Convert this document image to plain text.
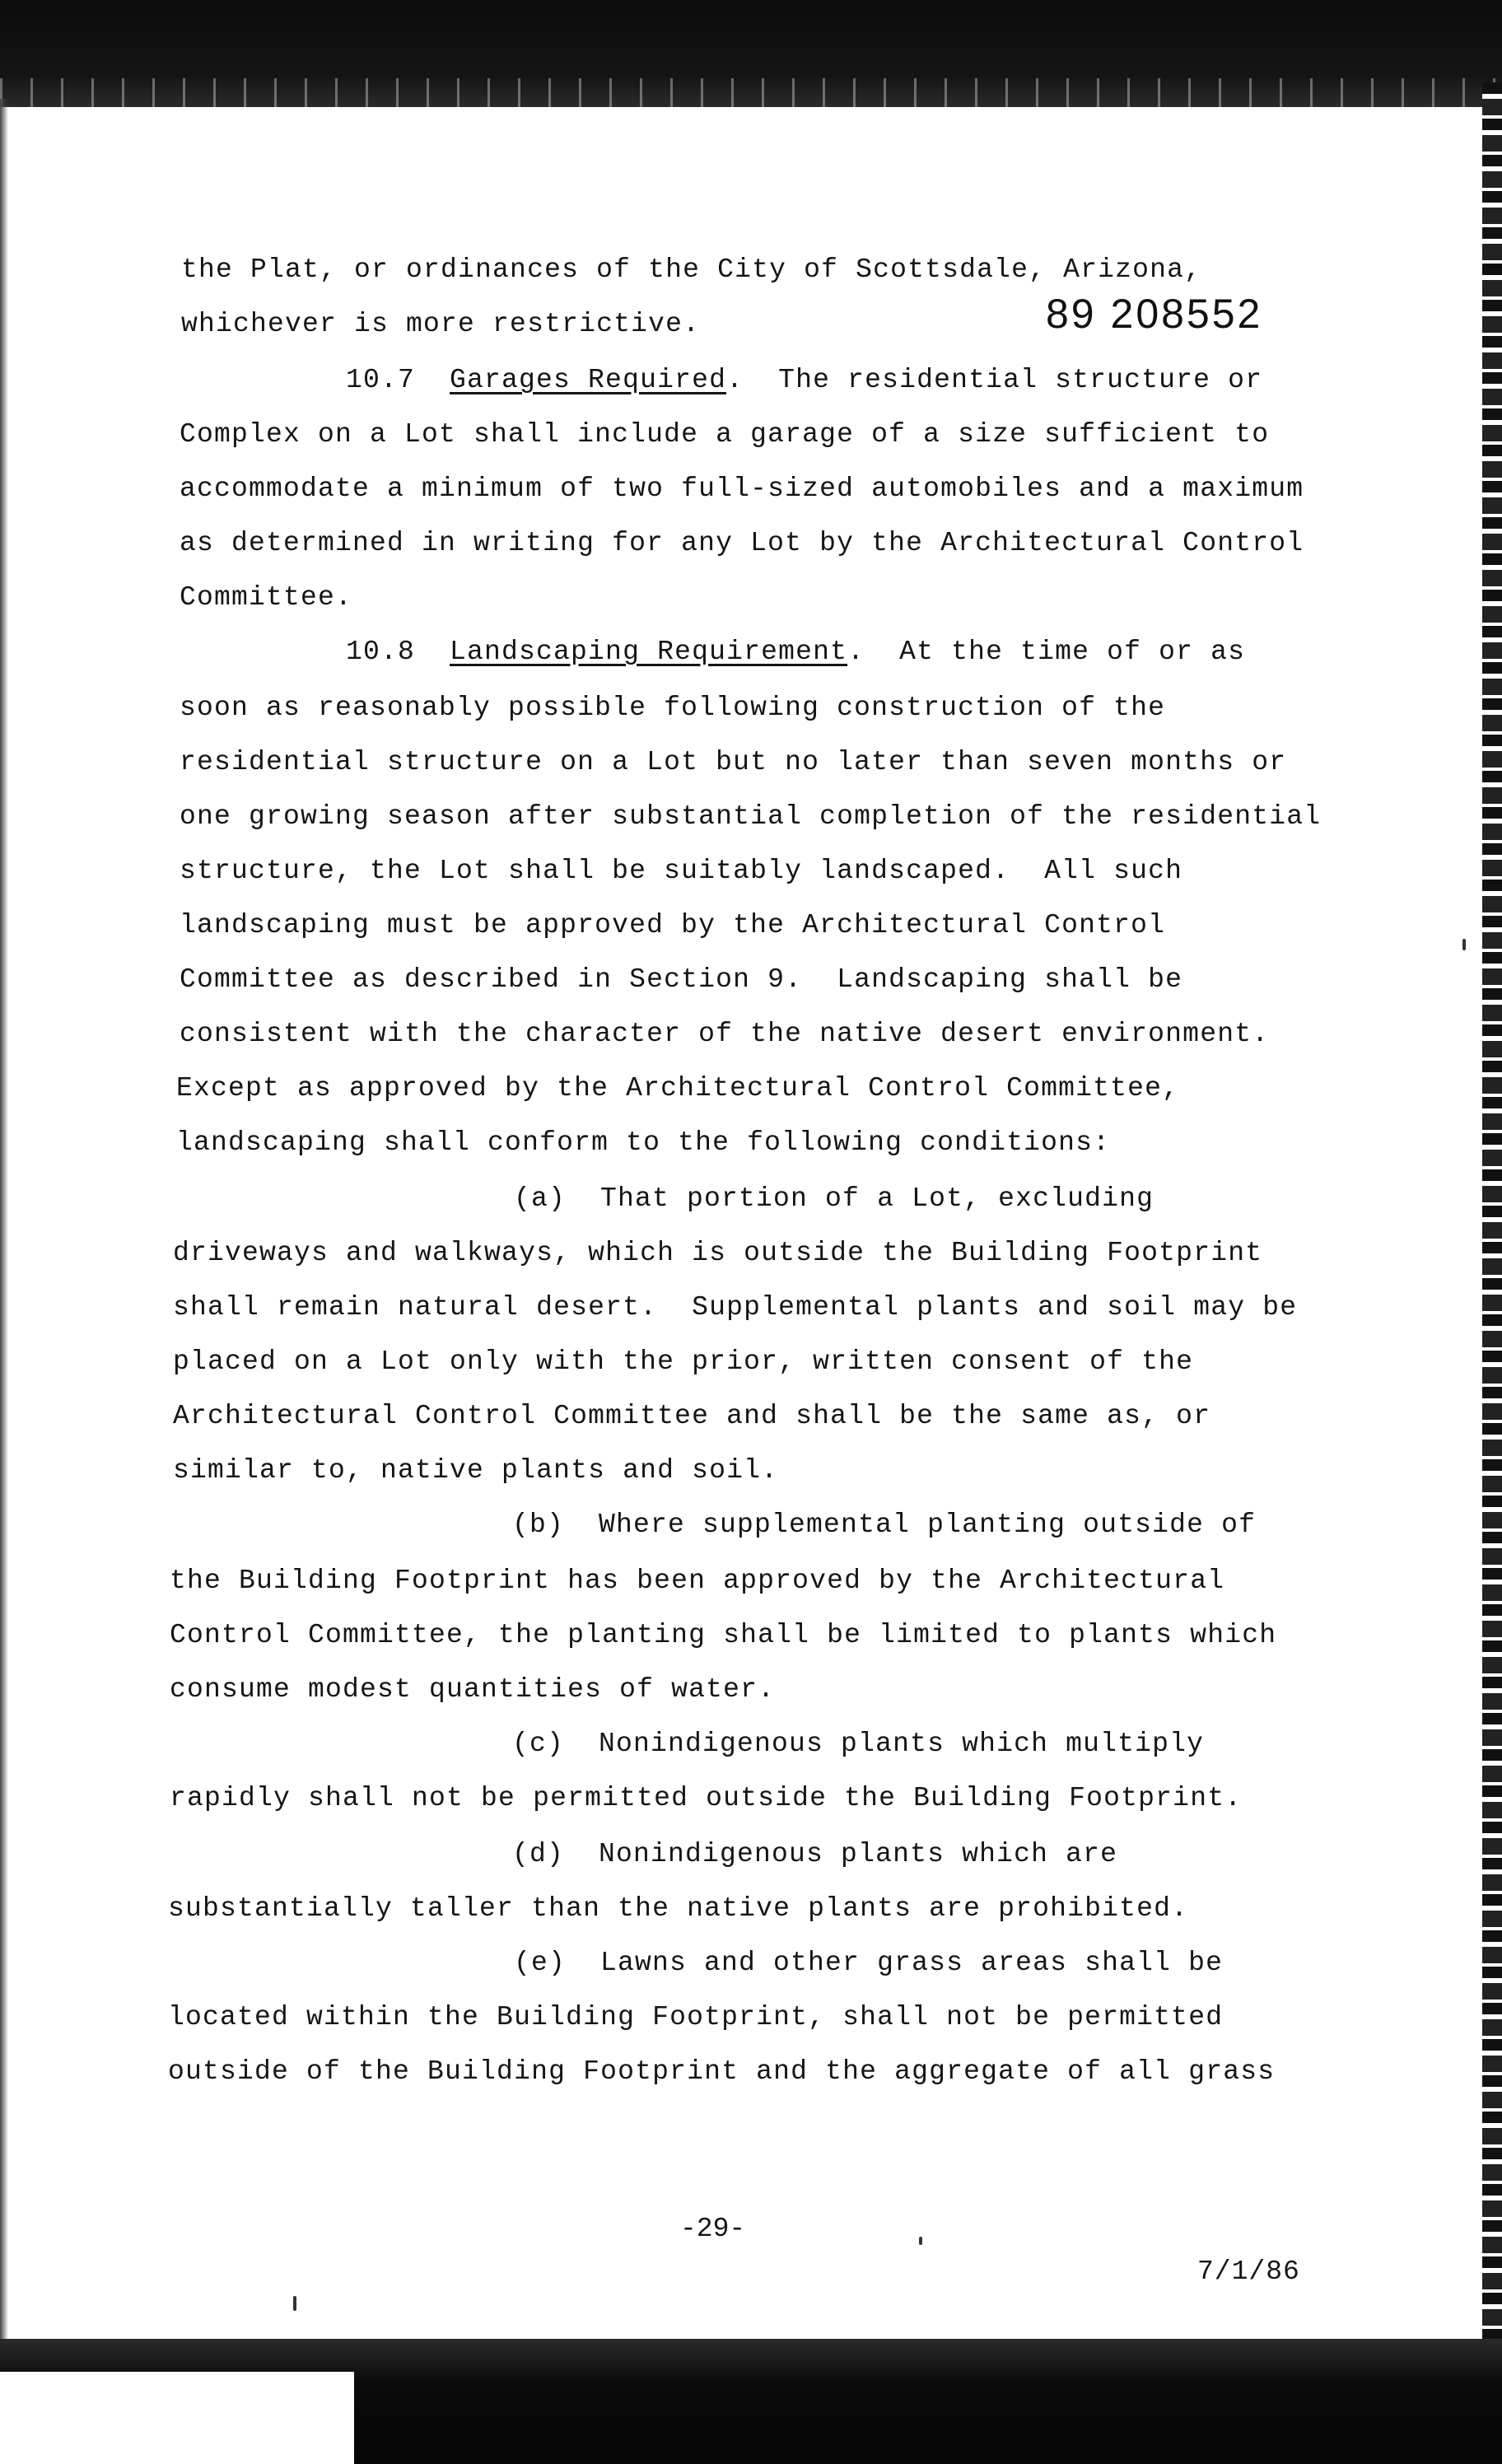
89 208552
the Plat, or ordinances of the City of Scottsdale, Arizona,
whichever is more restrictive.
10.7  Garages Required.  The residential structure or
Complex on a Lot shall include a garage of a size sufficient to
accommodate a minimum of two full-sized automobiles and a maximum
as determined in writing for any Lot by the Architectural Control
Committee.
10.8  Landscaping Requirement.  At the time of or as
soon as reasonably possible following construction of the
residential structure on a Lot but no later than seven months or
one growing season after substantial completion of the residential
structure, the Lot shall be suitably landscaped.  All such
landscaping must be approved by the Architectural Control
Committee as described in Section 9.  Landscaping shall be
consistent with the character of the native desert environment.
Except as approved by the Architectural Control Committee,
landscaping shall conform to the following conditions:
(a)  That portion of a Lot, excluding
driveways and walkways, which is outside the Building Footprint
shall remain natural desert.  Supplemental plants and soil may be
placed on a Lot only with the prior, written consent of the
Architectural Control Committee and shall be the same as, or
similar to, native plants and soil.
(b)  Where supplemental planting outside of
the Building Footprint has been approved by the Architectural
Control Committee, the planting shall be limited to plants which
consume modest quantities of water.
(c)  Nonindigenous plants which multiply
rapidly shall not be permitted outside the Building Footprint.
(d)  Nonindigenous plants which are
substantially taller than the native plants are prohibited.
(e)  Lawns and other grass areas shall be
located within the Building Footprint, shall not be permitted
outside of the Building Footprint and the aggregate of all grass
-29-
7/1/86
